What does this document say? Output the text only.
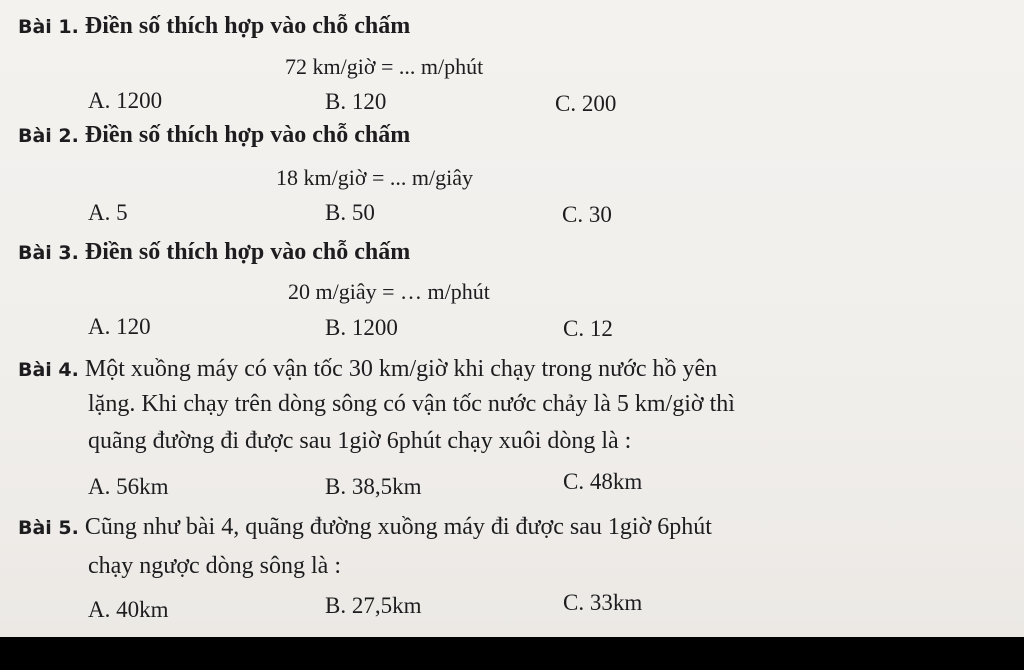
Bài 1. Điền số thích hợp vào chỗ chấm
72 km/giờ = ... m/phút
A. 1200	B. 120	C. 200
Bài 2. Điền số thích hợp vào chỗ chấm
18 km/giờ = ... m/giây
A. 5	B. 50	C. 30
Bài 3. Điền số thích hợp vào chỗ chấm
20 m/giây = … m/phút
A. 120	B. 1200	C. 12
Bài 4. Một xuồng máy có vận tốc 30 km/giờ khi chạy trong nước hồ yên
lặng. Khi chạy trên dòng sông có vận tốc nước chảy là 5 km/giờ thì
quãng đường đi được sau 1giờ 6phút chạy xuôi dòng là :
A. 56km	B. 38,5km	C. 48km
Bài 5. Cũng như bài 4, quãng đường xuồng máy đi được sau 1giờ 6phút
chạy ngược dòng sông là :
A. 40km	B. 27,5km	C. 33km
